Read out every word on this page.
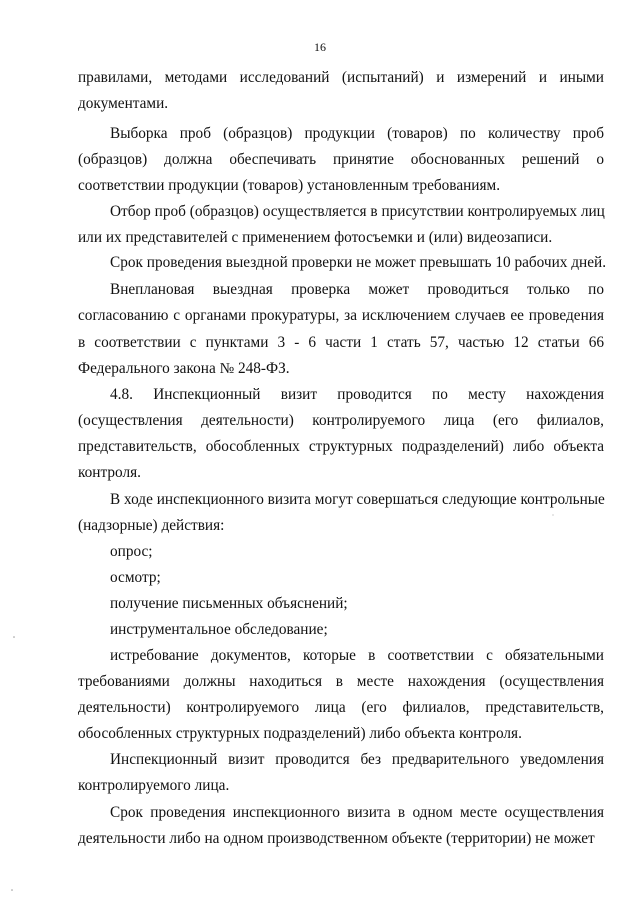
16
правилами, методами исследований (испытаний) и измерений и иными
документами.
Выборка проб (образцов) продукции (товаров) по количеству проб
(образцов) должна обеспечивать принятие обоснованных решений о
соответствии продукции (товаров) установленным требованиям.
Отбор проб (образцов) осуществляется в присутствии контролируемых лиц
или их представителей с применением фотосъемки и (или) видеозаписи.
Срок проведения выездной проверки не может превышать 10 рабочих дней.
Внеплановая выездная проверка может проводиться только по
согласованию с органами прокуратуры, за исключением случаев ее проведения
в соответствии с пунктами 3 - 6 части 1 стать 57, частью 12 статьи 66
Федерального закона № 248-ФЗ.
4.8. Инспекционный визит проводится по месту нахождения
(осуществления деятельности) контролируемого лица (его филиалов,
представительств, обособленных структурных подразделений) либо объекта
контроля.
В ходе инспекционного визита могут совершаться следующие контрольные
(надзорные) действия:
опрос;
осмотр;
получение письменных объяснений;
инструментальное обследование;
истребование документов, которые в соответствии с обязательными
требованиями должны находиться в месте нахождения (осуществления
деятельности) контролируемого лица (его филиалов, представительств,
обособленных структурных подразделений) либо объекта контроля.
Инспекционный визит проводится без предварительного уведомления
контролируемого лица.
Срок проведения инспекционного визита в одном месте осуществления
деятельности либо на одном производственном объекте (территории) не может
